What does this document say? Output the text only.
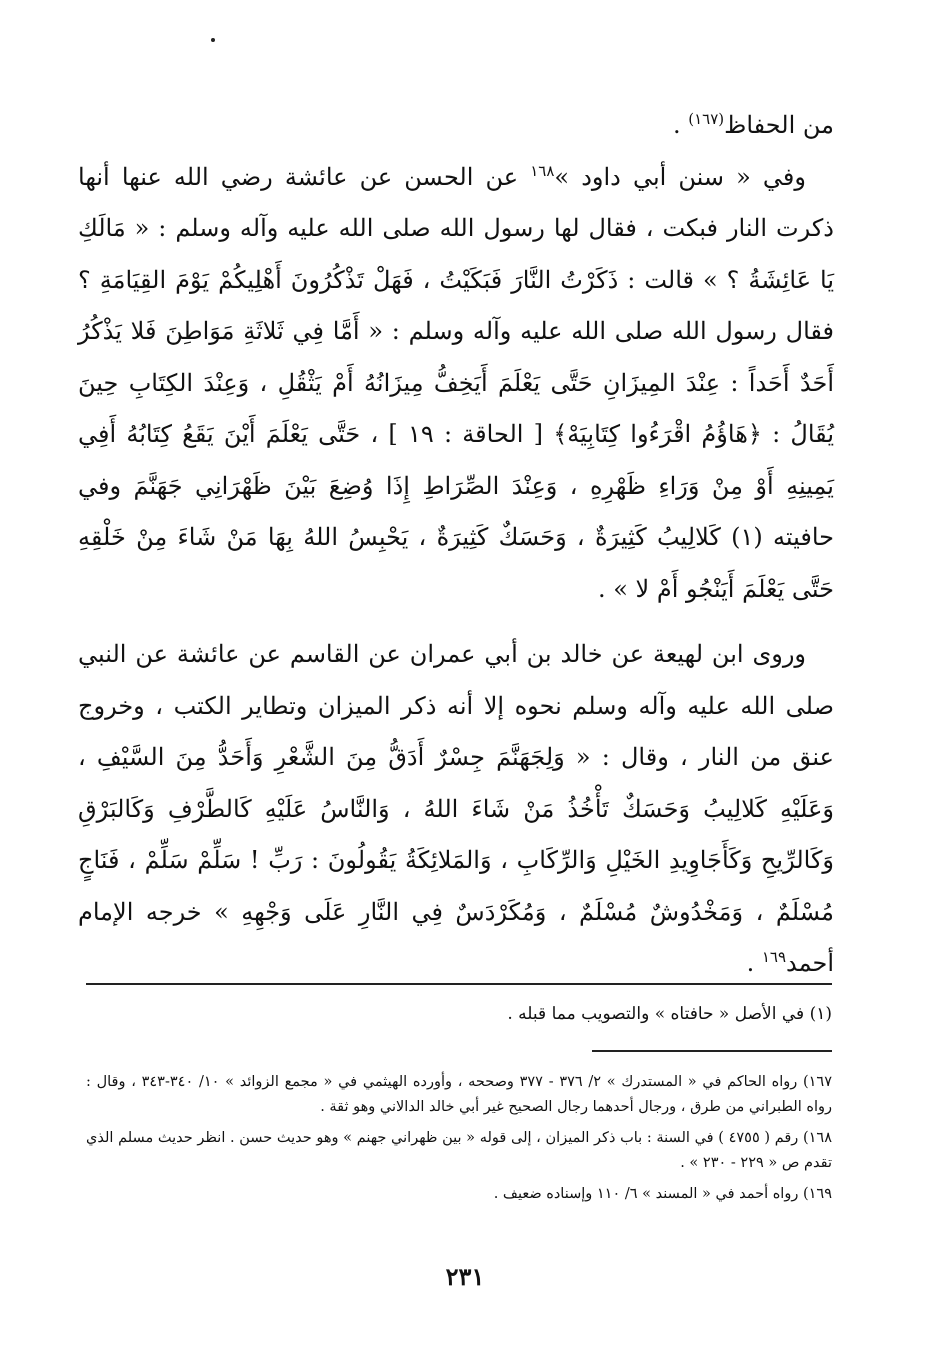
من الحفاظ$^{(١٦٧)}$ .

وفي « سنن أبي داود »$^{١٦٨}$ عن الحسن عن عائشة رضي الله عنها أنها ذكرت النار فبكت ، فقال لها رسول الله صلى الله عليه وآله وسلم : « مَالَكِ يَا عَائِشَةُ ؟ » قالت : ذَكَرْتُ النَّارَ فَبَكَيْتُ ، فَهَلْ تَذْكُرُونَ أَهْلِيكُمْ يَوْمَ القِيَامَةِ ؟ فقال رسول الله صلى الله عليه وآله وسلم : « أَمَّا فِي ثَلاثَةِ مَوَاطِنَ فَلا يَذْكُرُ أَحَدٌ أَحَداً : عِنْدَ المِيزَانِ حَتَّى يَعْلَمَ أَيَخِفُّ مِيزَانُهُ أَمْ يَثْقُلِ ، وَعِنْدَ الكِتَابِ حِينَ يُقَالُ : ﴿هَاؤُمُ اقْرَءُوا كِتَابِيَهْ﴾ [ الحاقة : ١٩ ] ، حَتَّى يَعْلَمَ أَيْنَ يَقَعُ كِتَابُهُ أَفِي يَمِينِهِ أَوْ مِنْ وَرَاءِ ظَهْرِهِ ، وَعِنْدَ الصِّرَاطِ إِذَا وُضِعَ بَيْنَ ظَهْرَانِي جَهَنَّمَ وفي حافيته (١) كَلالِيبُ كَثِيرَةٌ ، وَحَسَكٌ كَثِيرَةٌ ، يَحْبِسُ اللهُ بِهَا مَنْ شَاءَ مِنْ خَلْقِهِ حَتَّى يَعْلَمَ أَيَنْجُو أَمْ لا » .

وروى ابن لهيعة عن خالد بن أبي عمران عن القاسم عن عائشة عن النبي صلى الله عليه وآله وسلم نحوه إلا أنه ذكر الميزان وتطاير الكتب ، وخروج عنق من النار ، وقال : « وَلِجَهَنَّمَ جِسْرٌ أَدَقُّ مِنَ الشَّعْرِ وَأَحَدُّ مِنَ السَّيْفِ ، وَعَلَيْهِ كَلالِيبُ وَحَسَكٌ تَأْخُذُ مَنْ شَاءَ اللهُ ، وَالنَّاسُ عَلَيْهِ كَالطَّرْفِ وَكَالبَرْقِ وَكَالرِّيحِ وَكَأَجَاوِيدِ الخَيْلِ وَالرِّكَابِ ، وَالمَلائِكَةُ يَقُولُونَ : رَبِّ ! سَلِّمْ سَلِّمْ ، فَنَاجٍ مُسْلَمٌ ، وَمَخْدُوشٌ مُسْلَمٌ ، وَمُكَرْدَسٌ فِي النَّارِ عَلَى وَجْهِهِ » خرجه الإمام أحمد$^{١٦٩}$ .

(١) في الأصل « حافتاه » والتصويب مما قبله .

١٦٧) رواه الحاكم في « المستدرك » ٢/ ٣٧٦ - ٣٧٧ وصححه ، وأورده الهيثمي في « مجمع الزوائد » ١٠/ ٣٤٠-٣٤٣ ، وقال : رواه الطبراني من طرق ، ورجال أحدهما رجال الصحيح غير أبي خالد الدالاني وهو ثقة .

١٦٨) رقم ( ٤٧٥٥ ) في السنة : باب ذكر الميزان ، إلى قوله « بين ظهراني جهنم » وهو حديث حسن . انظر حديث مسلم الذي تقدم ص « ٢٢٩ - ٢٣٠ » .

١٦٩) رواه أحمد في « المسند » ٦/ ١١٠ وإسناده ضعيف .

٢٣١
